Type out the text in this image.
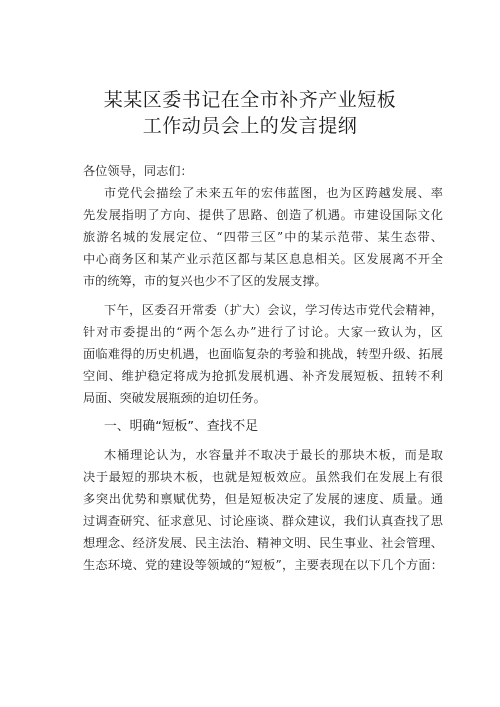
某某区委书记在全市补齐产业短板
工作动员会上的发言提纲
各位领导，同志们：
市党代会描绘了未来五年的宏伟蓝图，也为区跨越发展、率
先发展指明了方向、提供了思路、创造了机遇。市建设国际文化
旅游名城的发展定位、“四带三区”中的某示范带、某生态带、
中心商务区和某产业示范区都与某区息息相关。区发展离不开全
市的统筹，市的复兴也少不了区的发展支撑。
下午，区委召开常委（扩大）会议，学习传达市党代会精神，
针对市委提出的“两个怎么办”进行了讨论。大家一致认为，区
面临难得的历史机遇，也面临复杂的考验和挑战，转型升级、拓展
空间、维护稳定将成为抢抓发展机遇、补齐发展短板、扭转不利
局面、突破发展瓶颈的迫切任务。
一、明确“短板”、查找不足
木桶理论认为，水容量并不取决于最长的那块木板，而是取
决于最短的那块木板，也就是短板效应。虽然我们在发展上有很
多突出优势和禀赋优势，但是短板决定了发展的速度、质量。通
过调查研究、征求意见、讨论座谈、群众建议，我们认真查找了思
想理念、经济发展、民主法治、精神文明、民生事业、社会管理、
生态环境、党的建设等领域的“短板”，主要表现在以下几个方面：
